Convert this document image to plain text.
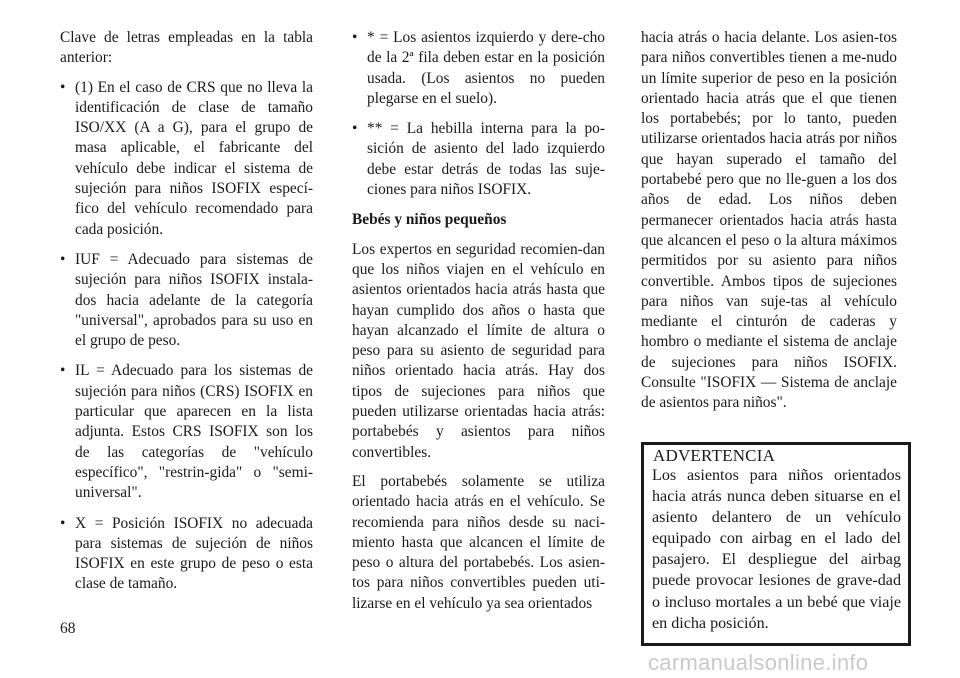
Clave de letras empleadas en la tabla anterior:

• (1) En el caso de CRS que no lleva la identificación de clase de tamaño ISO/XX (A a G), para el grupo de masa aplicable, el fabricante del vehículo debe indicar el sistema de sujeción para niños ISOFIX especí-fico del vehículo recomendado para cada posición.
• IUF = Adecuado para sistemas de sujeción para niños ISOFIX instala-dos hacia adelante de la categoría "universal", aprobados para su uso en el grupo de peso.
• IL = Adecuado para los sistemas de sujeción para niños (CRS) ISOFIX en particular que aparecen en la lista adjunta. Estos CRS ISOFIX son los de las categorías de "vehículo específico", "restrin-gida" o "semi-universal".
• X = Posición ISOFIX no adecuada para sistemas de sujeción de niños ISOFIX en este grupo de peso o esta clase de tamaño.
• * = Los asientos izquierdo y dere-cho de la 2ª fila deben estar en la posición usada. (Los asientos no pueden plegarse en el suelo).
• ** = La hebilla interna para la po-sición de asiento del lado izquierdo debe estar detrás de todas las suje-ciones para niños ISOFIX.
Bebés y niños pequeños

Los expertos en seguridad recomien-dan que los niños viajen en el vehículo en asientos orientados hacia atrás hasta que hayan cumplido dos años o hasta que hayan alcanzado el límite de altura o peso para su asiento de seguridad para niños orientado hacia atrás. Hay dos tipos de sujeciones para niños que pueden utilizarse orientadas hacia atrás: portabebés y asientos para niños convertibles.

El portabebés solamente se utiliza orientado hacia atrás en el vehículo. Se recomienda para niños desde su naci-miento hasta que alcancen el límite de peso o altura del portabebés. Los asien-tos para niños convertibles pueden uti-lizarse en el vehículo ya sea orientados

hacia atrás o hacia delante. Los asien-tos para niños convertibles tienen a me-nudo un límite superior de peso en la posición orientado hacia atrás que el que tienen los portabebés; por lo tanto, pueden utilizarse orientados hacia atrás por niños que hayan superado el tamaño del portabebé pero que no lle-guen a los dos años de edad. Los niños deben permanecer orientados hacia atrás hasta que alcancen el peso o la altura máximos permitidos por su asiento para niños convertible. Ambos tipos de sujeciones para niños van suje-tas al vehículo mediante el cinturón de caderas y hombro o mediante el sistema de anclaje de sujeciones para niños ISOFIX. Consulte "ISOFIX — Sistema de anclaje de asientos para niños".

ADVERTENCIA

Los asientos para niños orientados hacia atrás nunca deben situarse en el asiento delantero de un vehículo equipado con airbag en el lado del pasajero. El despliegue del airbag puede provocar lesiones de grave-dad o incluso mortales a un bebé que viaje en dicha posición.

68
carmanualsonline.info
